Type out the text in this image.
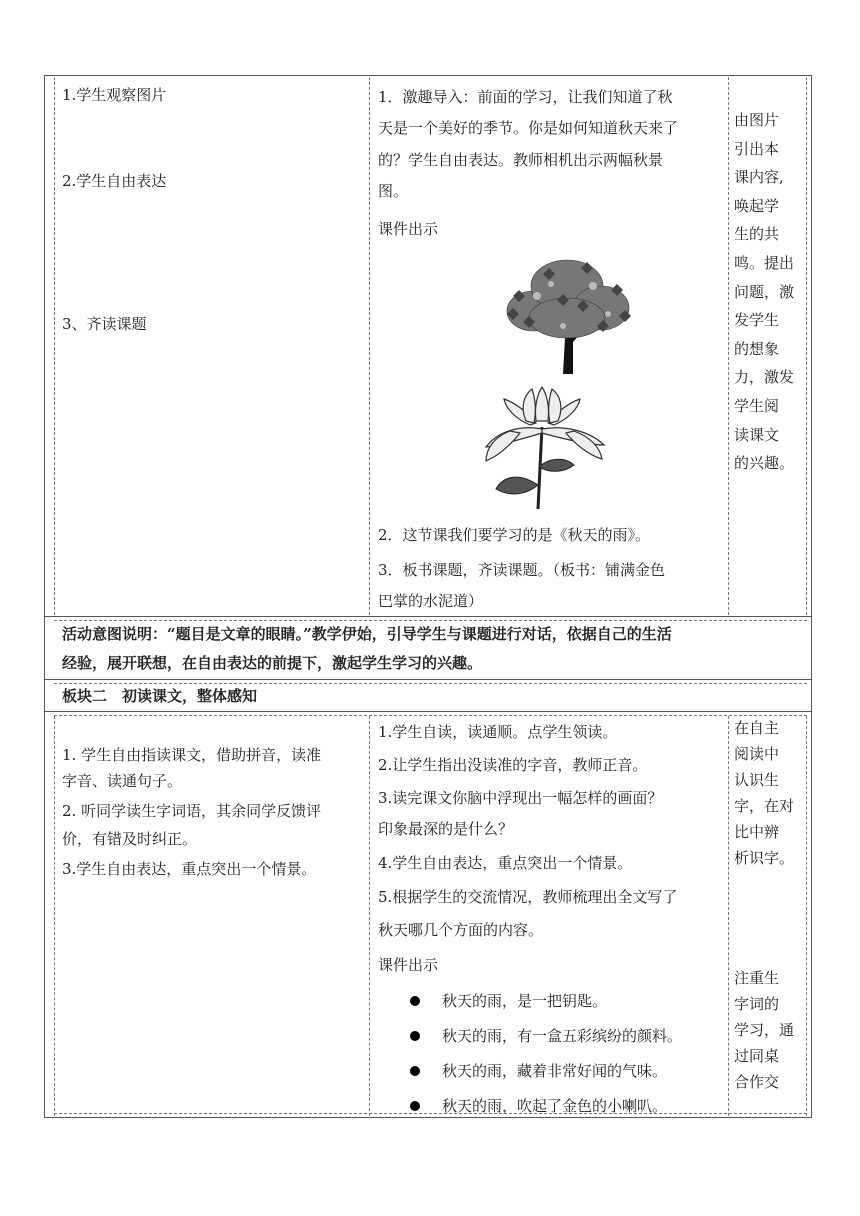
1.学生观察图片

2.学生自由表达

3、齐读课题

1．激趣导入：前面的学习，让我们知道了秋

天是一个美好的季节。你是如何知道秋天来了

的？学生自由表达。教师相机出示两幅秋景

图。

课件出示

2．这节课我们要学习的是《秋天的雨》。

3．板书课题，齐读课题。（板书：铺满金色

巴掌的水泥道）

由图片

引出本

课内容,

唤起学

生的共

鸣。提出

问题，激

发学生

的想象

力，激发

学生阅

读课文

的兴趣。

活动意图说明：“题目是文章的眼睛。”教学伊始，引导学生与课题进行对话，依据自己的生活

经验，展开联想，在自由表达的前提下，激起学生学习的兴趣。

板块二　初读课文，整体感知

1. 学生自由指读课文，借助拼音，读准

字音、读通句子。

2. 听同学读生字词语，其余同学反馈评

价，有错及时纠正。

3.学生自由表达，重点突出一个情景。

1.学生自读，读通顺。点学生领读。

2.让学生指出没读准的字音，教师正音。

3.读完课文你脑中浮现出一幅怎样的画面？

印象最深的是什么？

4.学生自由表达，重点突出一个情景。

5.根据学生的交流情况，教师梳理出全文写了

秋天哪几个方面的内容。

课件出示

秋天的雨，是一把钥匙。
秋天的雨，有一盒五彩缤纷的颜料。
秋天的雨，藏着非常好闻的气味。
秋天的雨，吹起了金色的小喇叭。

在自主

阅读中

认识生

字，在对

比中辨

析识字。

注重生

字词的

学习，通

过同桌

合作交
